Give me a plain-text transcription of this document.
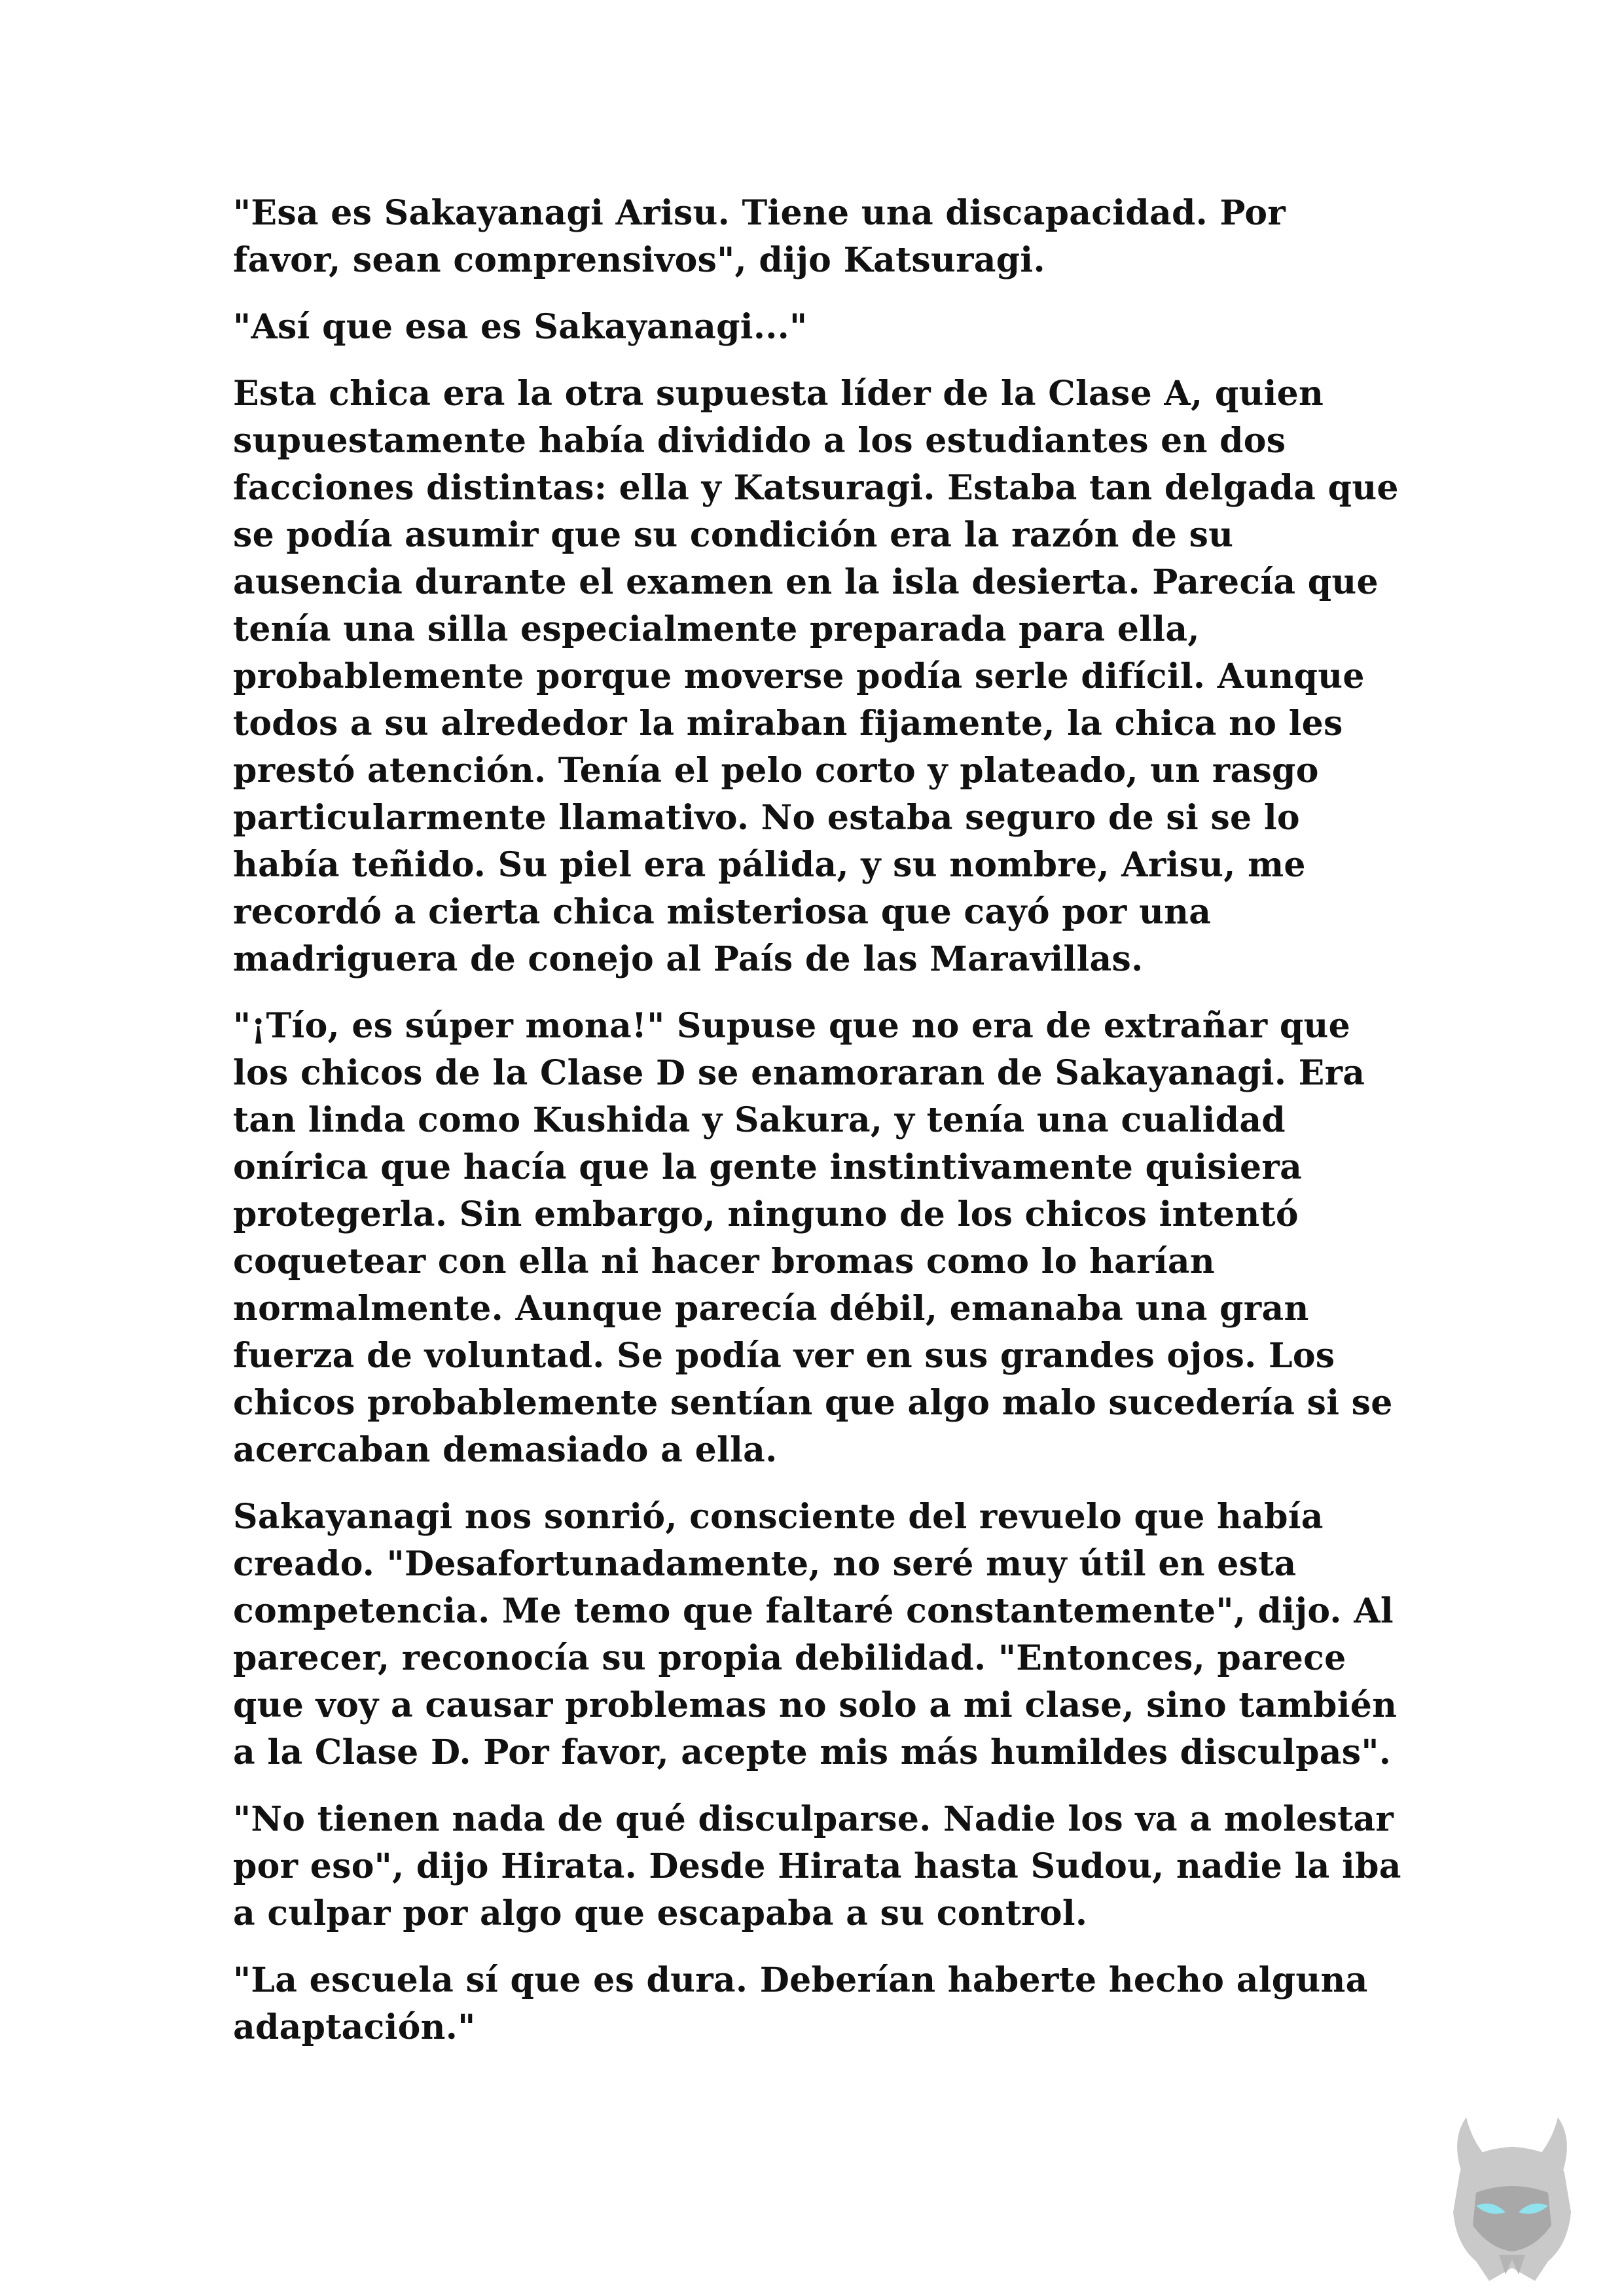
"Esa es Sakayanagi Arisu. Tiene una discapacidad. Por favor, sean comprensivos", dijo Katsuragi.

"Así que esa es Sakayanagi..."

Esta chica era la otra supuesta líder de la Clase A, quien supuestamente había dividido a los estudiantes en dos facciones distintas: ella y Katsuragi. Estaba tan delgada que se podía asumir que su condición era la razón de su ausencia durante el examen en la isla desierta. Parecía que tenía una silla especialmente preparada para ella, probablemente porque moverse podía serle difícil. Aunque todos a su alrededor la miraban fijamente, la chica no les prestó atención. Tenía el pelo corto y plateado, un rasgo particularmente llamativo. No estaba seguro de si se lo había teñido. Su piel era pálida, y su nombre, Arisu, me recordó a cierta chica misteriosa que cayó por una madriguera de conejo al País de las Maravillas.

"¡Tío, es súper mona!" Supuse que no era de extrañar que los chicos de la Clase D se enamoraran de Sakayanagi. Era tan linda como Kushida y Sakura, y tenía una cualidad onírica que hacía que la gente instintivamente quisiera protegerla. Sin embargo, ninguno de los chicos intentó coquetear con ella ni hacer bromas como lo harían normalmente. Aunque parecía débil, emanaba una gran fuerza de voluntad. Se podía ver en sus grandes ojos. Los chicos probablemente sentían que algo malo sucedería si se acercaban demasiado a ella.

Sakayanagi nos sonrió, consciente del revuelo que había creado. "Desafortunadamente, no seré muy útil en esta competencia. Me temo que faltaré constantemente", dijo. Al parecer, reconocía su propia debilidad. "Entonces, parece que voy a causar problemas no solo a mi clase, sino también a la Clase D. Por favor, acepte mis más humildes disculpas".

"No tienen nada de qué disculparse. Nadie los va a molestar por eso", dijo Hirata. Desde Hirata hasta Sudou, nadie la iba a culpar por algo que escapaba a su control.

"La escuela sí que es dura. Deberían haberte hecho alguna adaptación."
